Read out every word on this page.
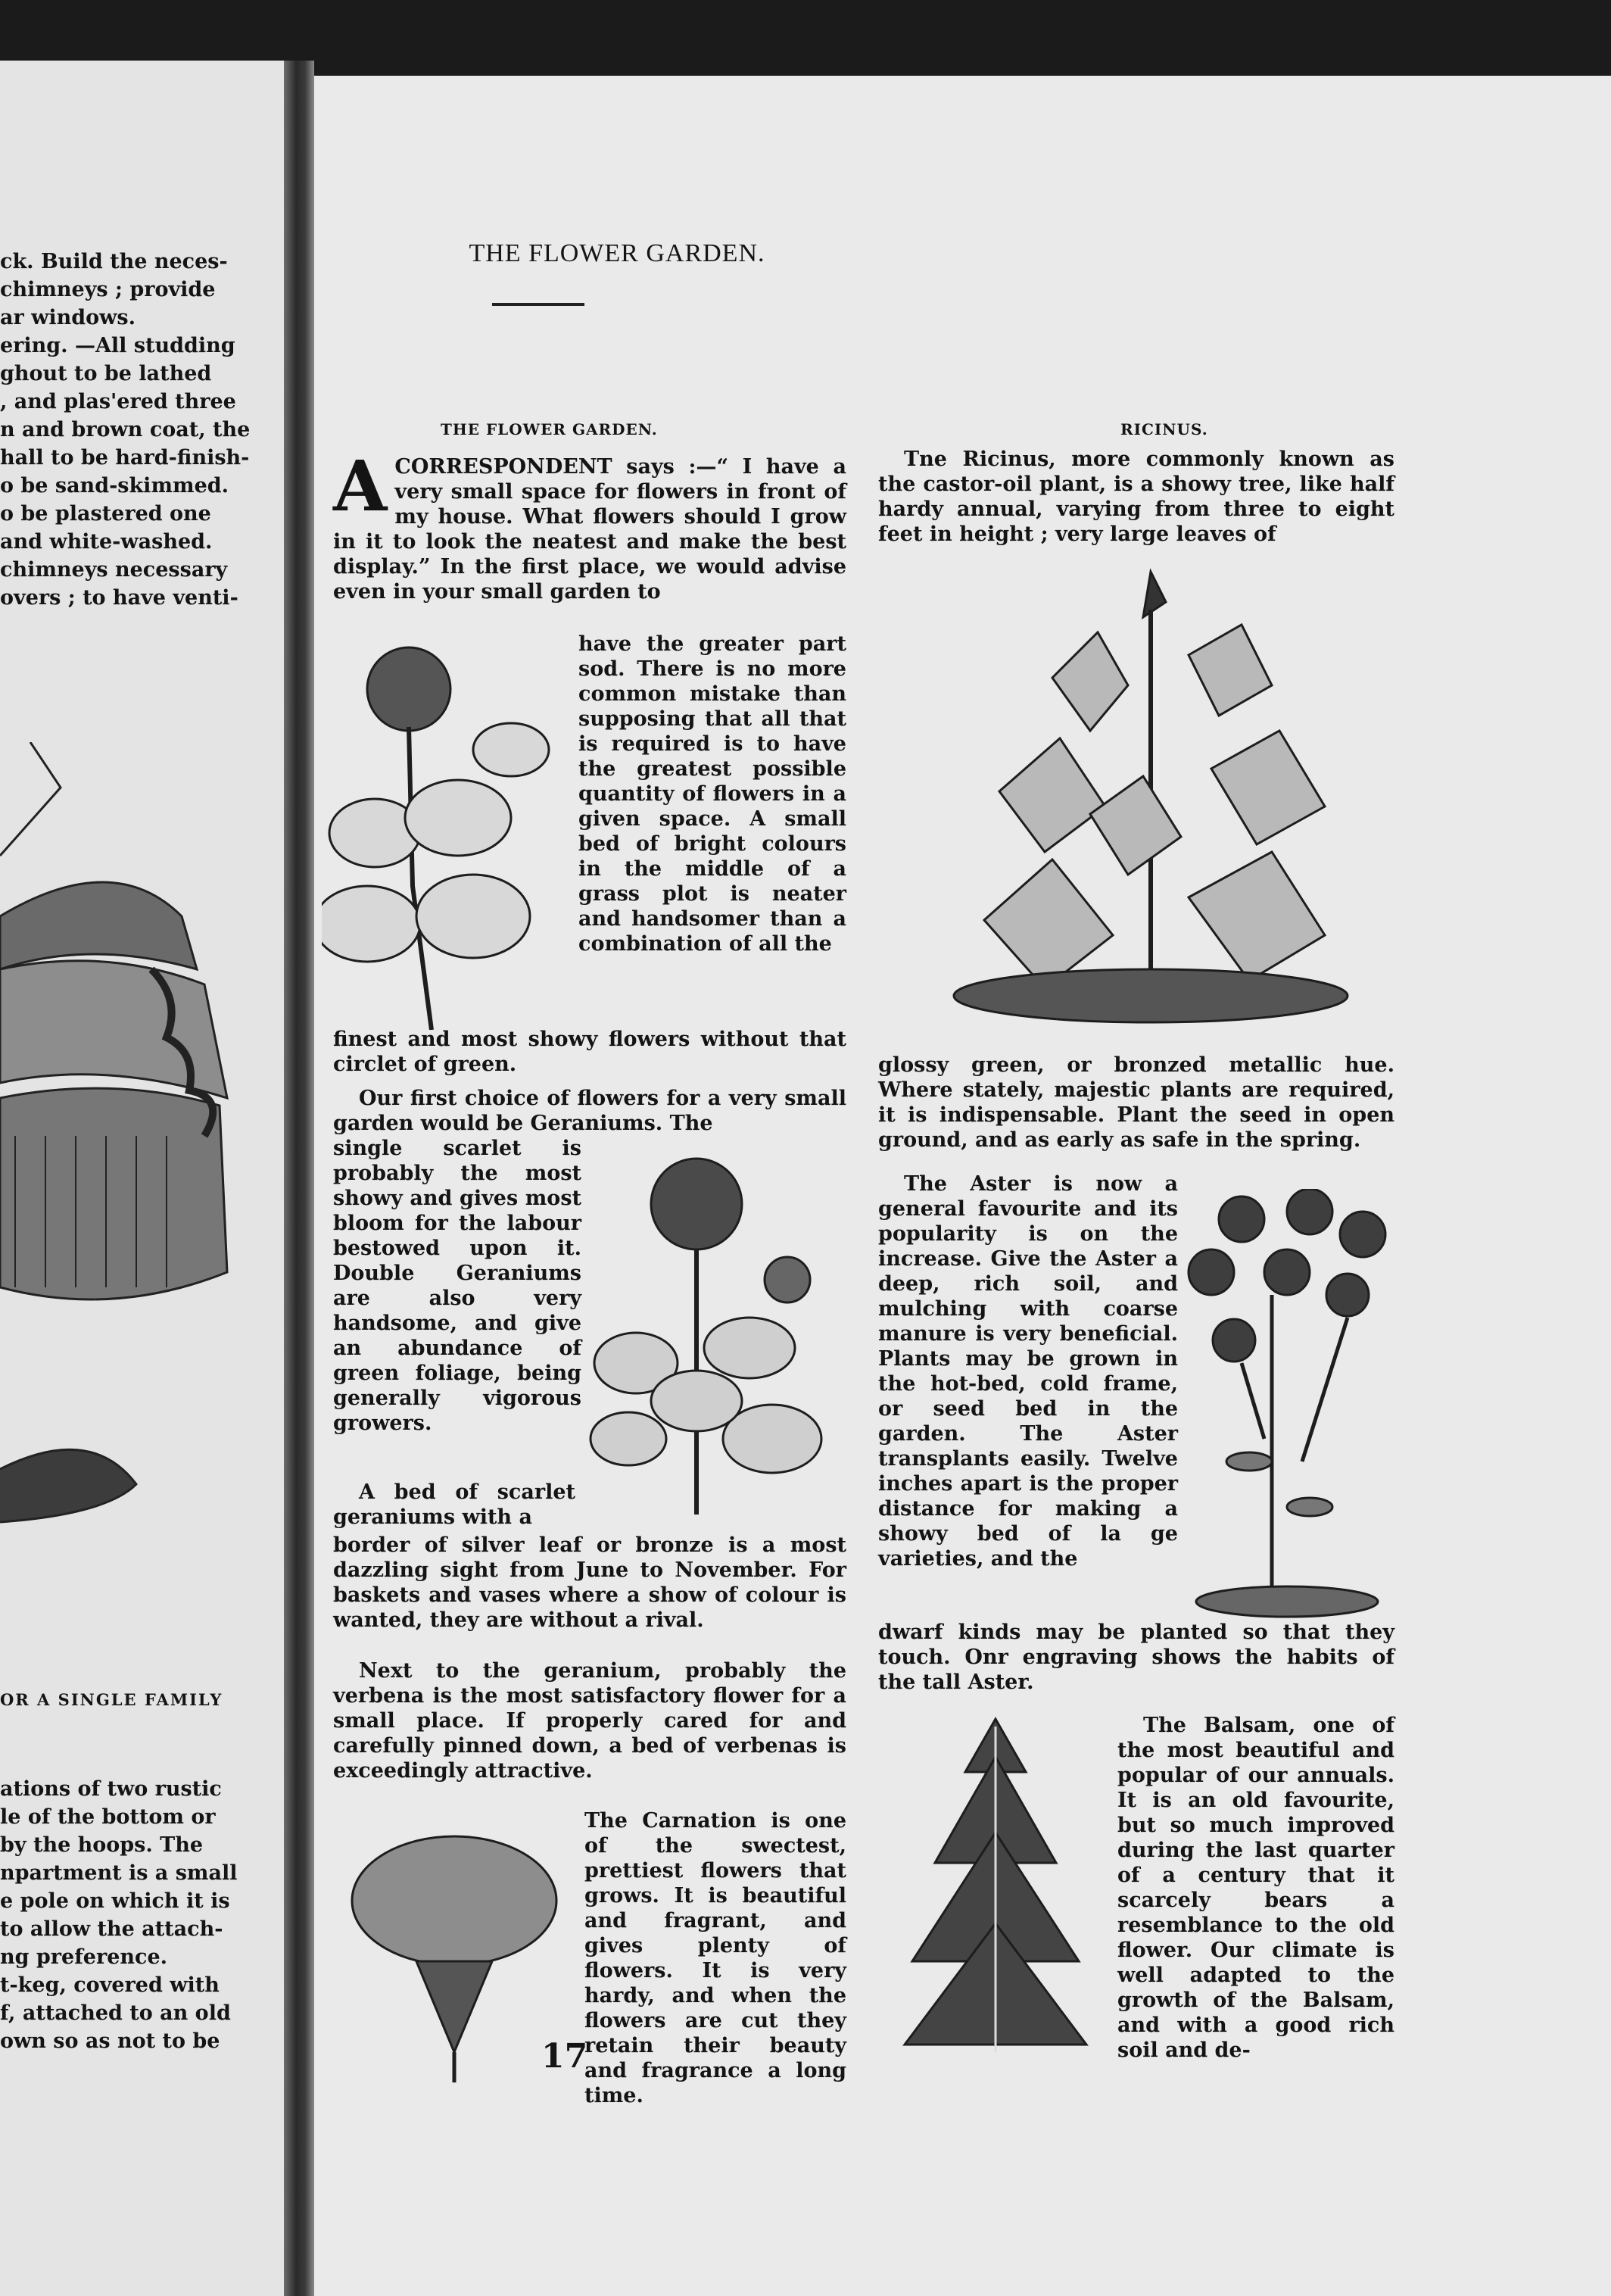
ck. Build the neces-
chimneys ; provide
ar windows.
ering. —All studding
ghout to be lathed
, and plas'ered three
n and brown coat, the
hall to be hard-finish-
o be sand-skimmed.
o be plastered one
and white-washed.
chimneys necessary
overs ; to have venti-
OR A SINGLE FAMILY
ations of two rustic
le of the bottom or
by the hoops. The
npartment is a small
e pole on which it is
to allow the attach-
ng preference.
t-keg, covered with
f, attached to an old
own so as not to be
THE FLOWER GARDEN.
THE FLOWER GARDEN.
A CORRESPONDENT says :—“ I have a very small space for flowers in front of my house. What flowers should I grow in it to look the neatest and make the best display.” In the first place, we would advise even in your small garden to
have the greater part sod. There is no more common mistake than supposing that all that is required is to have the greatest possible quantity of flowers in a given space. A small bed of bright colours in the middle of a grass plot is neater and handsomer than a combination of all the
finest and most showy flowers without that circlet of green.
Our first choice of flowers for a very small garden would be Geraniums. The
single scarlet is probably the most showy and gives most bloom for the labour bestowed upon it. Double Geraniums are also very handsome, and give an abundance of green foliage, being generally vigorous growers.
A bed of scarlet geraniums with a
border of silver leaf or bronze is a most dazzling sight from June to November. For baskets and vases where a show of colour is wanted, they are without a rival.
Next to the geranium, probably the verbena is the most satisfactory flower for a small place. If properly cared for and carefully pinned down, a bed of verbenas is exceedingly attractive.
The Carnation is one of the swectest, prettiest flowers that grows. It is beautiful and fragrant, and gives plenty of flowers. It is very hardy, and when the flowers are cut they retain their beauty and fragrance a long time.
RICINUS.
Tne Ricinus, more commonly known as the castor-oil plant, is a showy tree, like half hardy annual, varying from three to eight feet in height ; very large leaves of
glossy green, or bronzed metallic hue. Where stately, majestic plants are required, it is indispensable. Plant the seed in open ground, and as early as safe in the spring.
The Aster is now a general favourite and its popularity is on the increase. Give the Aster a deep, rich soil, and mulching with coarse manure is very beneficial. Plants may be grown in the hot-bed, cold frame, or seed bed in the garden. The Aster transplants easily. Twelve inches apart is the proper distance for making a showy bed of la ge varieties, and the
dwarf kinds may be planted so that they touch. Onr engraving shows the habits of the tall Aster.
The Balsam, one of the most beautiful and popular of our annuals. It is an old favourite, but so much improved during the last quarter of a century that it scarcely bears a resemblance to the old flower. Our climate is well adapted to the growth of the Balsam, and with a good rich soil and de-
17
